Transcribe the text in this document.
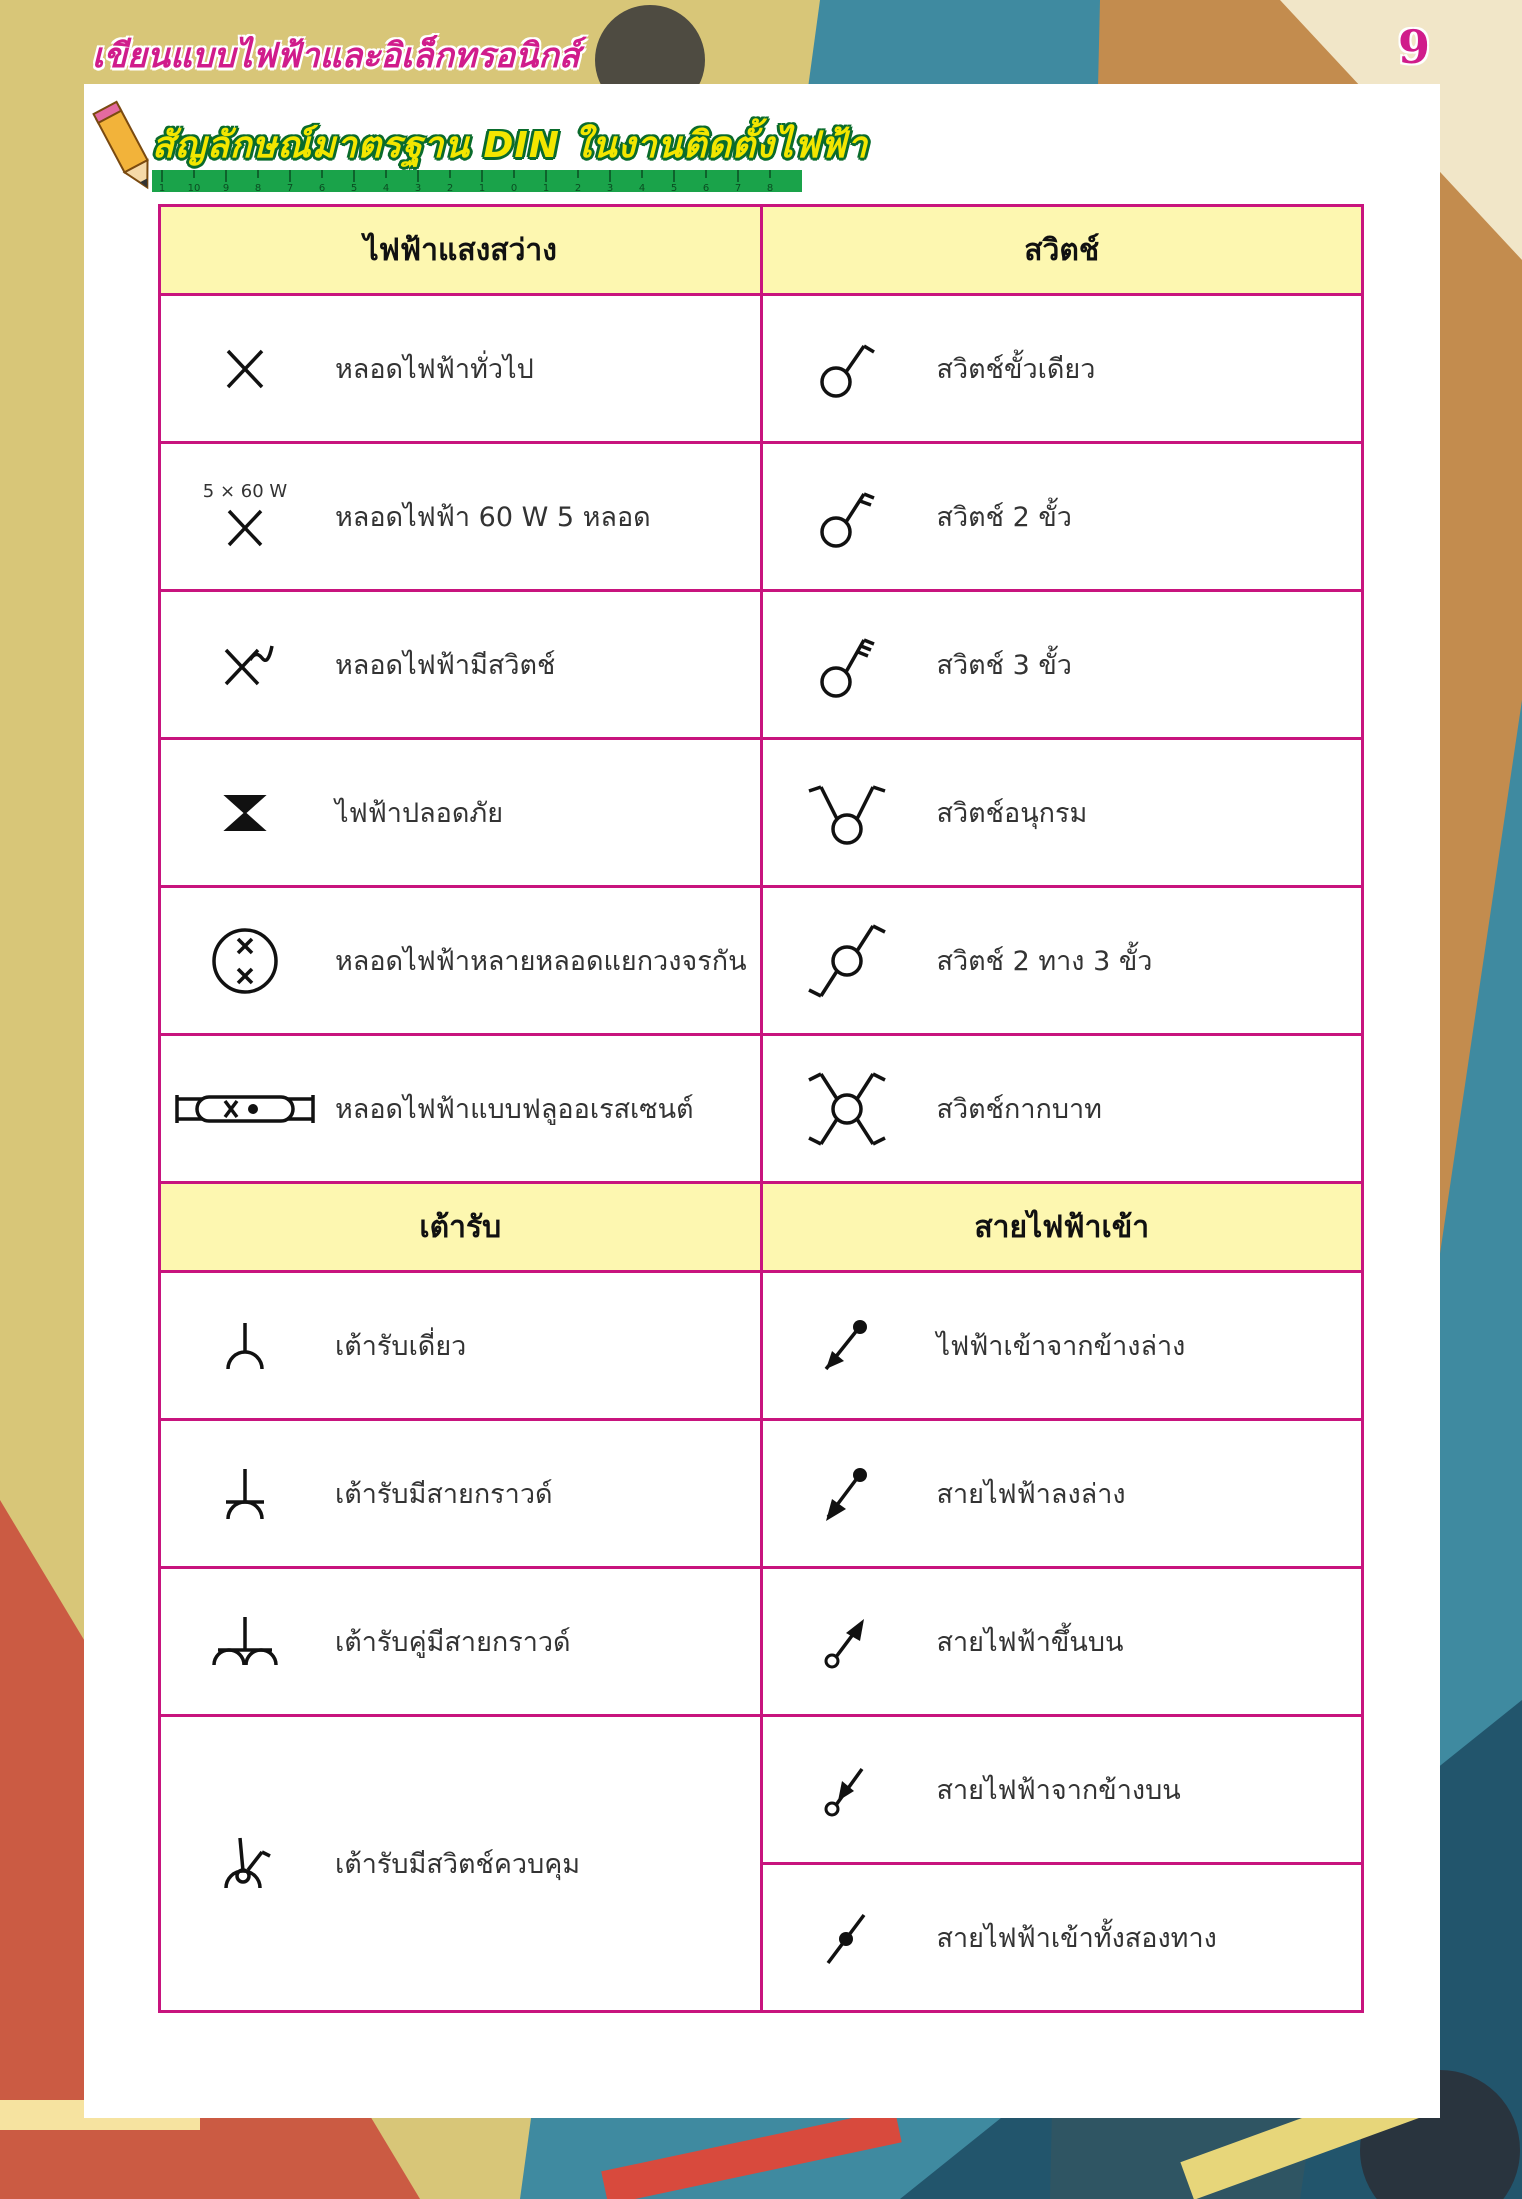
เขียนแบบไฟฟ้าและอิเล็กทรอนิกส์	9
1 10 9	8	7	6	5	4	3	2	1	0	1	2	3	4	5	6	7	8
สัญลักษณ์มาตรฐาน DIN ในงานติดตั้งไฟฟ้า
ไฟฟ้าแสงสว่าง	สวิตช์

หลอดไฟฟ้าทั่วไป	สวิตช์ขั้วเดียว

5 × 60 W
หลอดไฟฟ้า 60 W 5 หลอด	สวิตช์ 2 ขั้ว

หลอดไฟฟ้ามีสวิตช์	สวิตช์ 3 ขั้ว

ไฟฟ้าปลอดภัย	สวิตช์อนุกรม

หลอดไฟฟ้าหลายหลอดแยกวงจรกัน	สวิตช์ 2 ทาง 3 ขั้ว

หลอดไฟฟ้าแบบฟลูออเรสเซนต์	สวิตช์กากบาท

เต้ารับ	สายไฟฟ้าเข้า

เต้ารับเดี่ยว	ไฟฟ้าเข้าจากข้างล่าง

เต้ารับมีสายกราวด์	สายไฟฟ้าลงล่าง

เต้ารับคู่มีสายกราวด์	สายไฟฟ้าขึ้นบน

เต้ารับมีสวิตช์ควบคุม	สายไฟฟ้าจากข้างบน

	สายไฟฟ้าเข้าทั้งสองทาง
